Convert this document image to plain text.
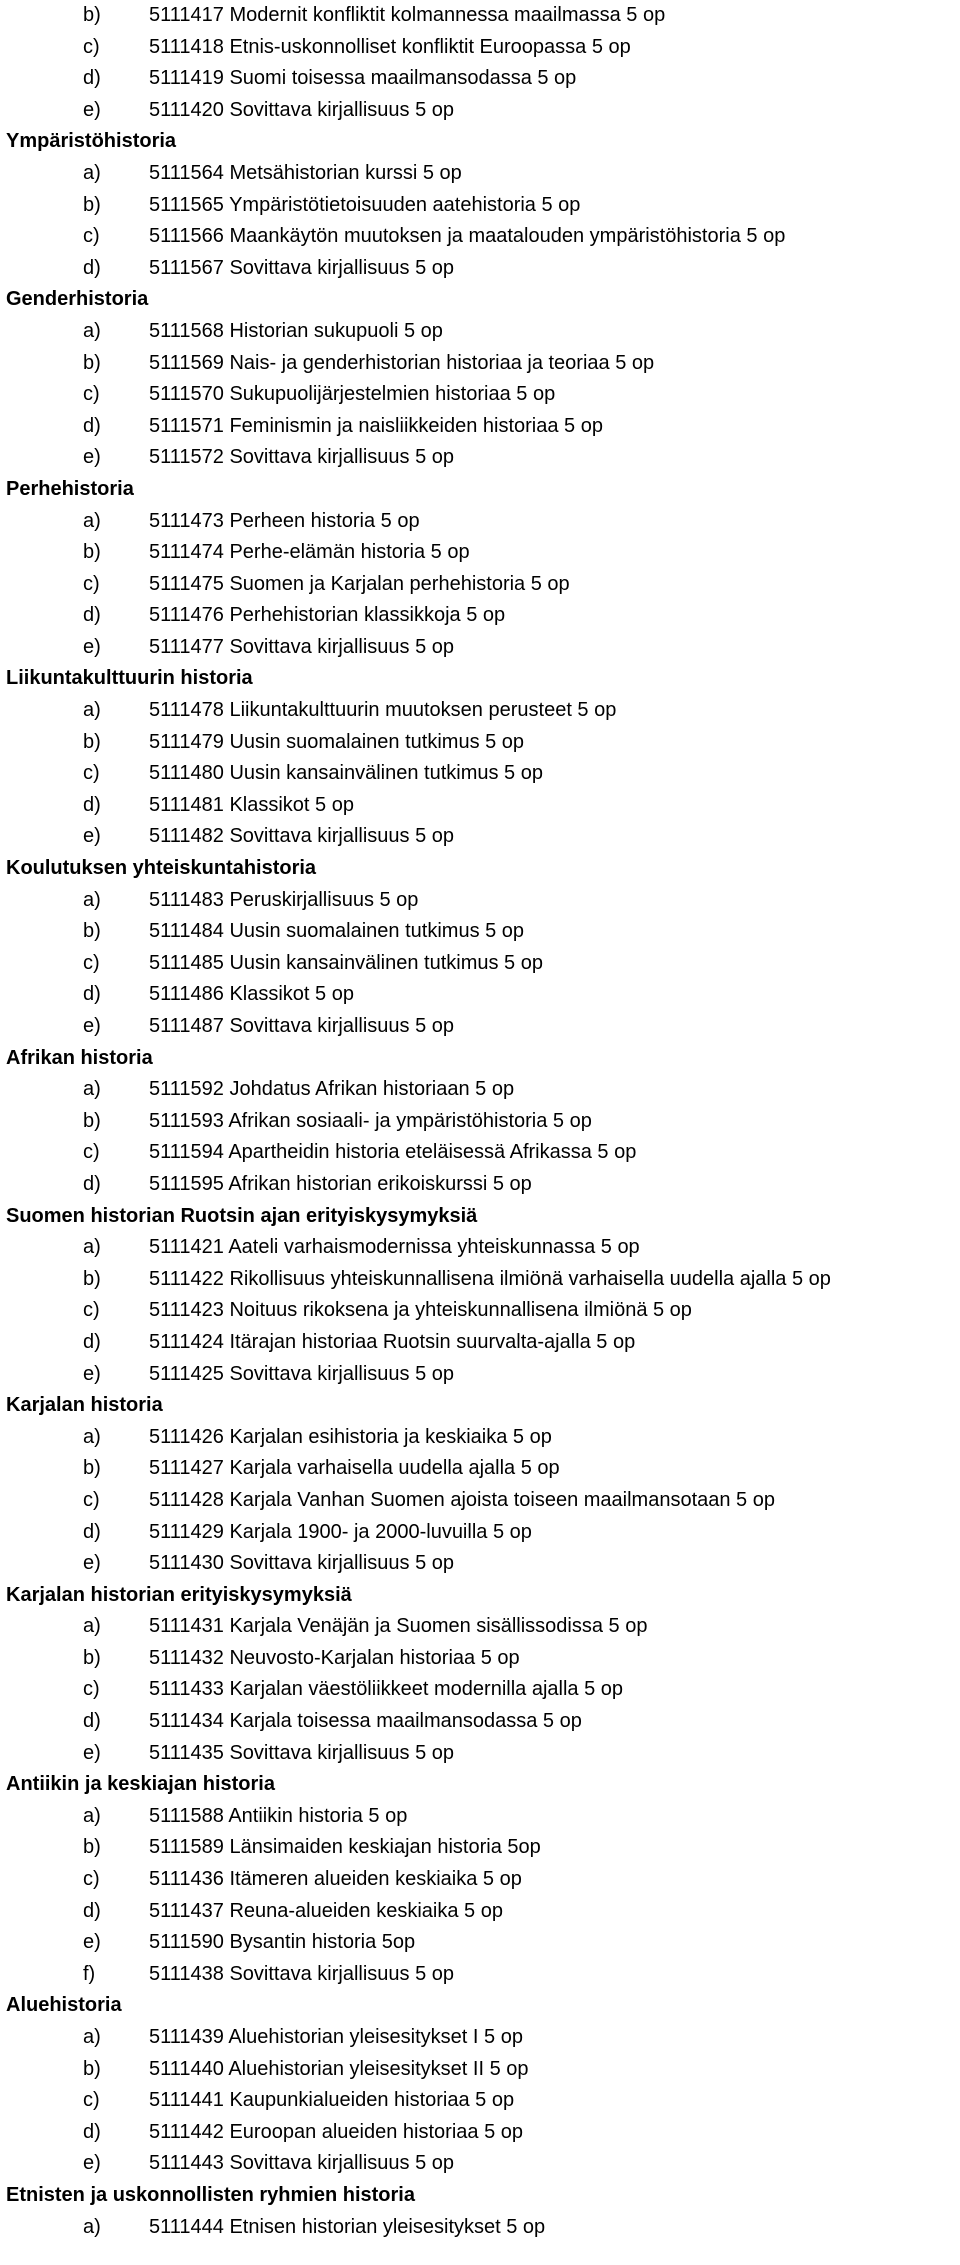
b) 5111417 Modernit konfliktit kolmannessa maailmassa 5 op
c) 5111418 Etnis-uskonnolliset konfliktit Euroopassa 5 op
d) 5111419 Suomi toisessa maailmansodassa 5 op
e) 5111420 Sovittava kirjallisuus 5 op
Ympäristöhistoria
a) 5111564 Metsähistorian kurssi 5 op
b) 5111565 Ympäristötietoisuuden aatehistoria 5 op
c) 5111566 Maankäytön muutoksen ja maatalouden ympäristöhistoria 5 op
d) 5111567 Sovittava kirjallisuus 5 op
Genderhistoria
a) 5111568 Historian sukupuoli 5 op
b) 5111569 Nais- ja genderhistorian historiaa ja teoriaa 5 op
c) 5111570 Sukupuolijärjestelmien historiaa 5 op
d) 5111571 Feminismin ja naisliikkeiden historiaa 5 op
e) 5111572 Sovittava kirjallisuus 5 op
Perhehistoria
a) 5111473 Perheen historia 5 op
b) 5111474 Perhe-elämän historia 5 op
c) 5111475 Suomen ja Karjalan perhehistoria 5 op
d) 5111476 Perhehistorian klassikkoja 5 op
e) 5111477 Sovittava kirjallisuus 5 op
Liikuntakulttuurin historia
a) 5111478 Liikuntakulttuurin muutoksen perusteet 5 op
b) 5111479 Uusin suomalainen tutkimus 5 op
c) 5111480 Uusin kansainvälinen tutkimus 5 op
d) 5111481 Klassikot 5 op
e) 5111482 Sovittava kirjallisuus 5 op
Koulutuksen yhteiskuntahistoria
a) 5111483 Peruskirjallisuus 5 op
b) 5111484 Uusin suomalainen tutkimus 5 op
c) 5111485 Uusin kansainvälinen tutkimus 5 op
d) 5111486 Klassikot 5 op
e) 5111487 Sovittava kirjallisuus 5 op
Afrikan historia
a) 5111592 Johdatus Afrikan historiaan 5 op
b) 5111593 Afrikan sosiaali- ja ympäristöhistoria 5 op
c) 5111594 Apartheidin historia eteläisessä Afrikassa 5 op
d) 5111595 Afrikan historian erikoiskurssi 5 op
Suomen historian Ruotsin ajan erityiskysymyksiä
a) 5111421 Aateli varhaismodernissa yhteiskunnassa 5 op
b) 5111422 Rikollisuus yhteiskunnallisena ilmiönä varhaisella uudella ajalla 5 op
c) 5111423 Noituus rikoksena ja yhteiskunnallisena ilmiönä 5 op
d) 5111424 Itärajan historiaa Ruotsin suurvalta-ajalla 5 op
e) 5111425 Sovittava kirjallisuus 5 op
Karjalan historia
a) 5111426 Karjalan esihistoria ja keskiaika 5 op
b) 5111427 Karjala varhaisella uudella ajalla 5 op
c) 5111428 Karjala Vanhan Suomen ajoista toiseen maailmansotaan 5 op
d) 5111429 Karjala 1900- ja 2000-luvuilla 5 op
e) 5111430 Sovittava kirjallisuus 5 op
Karjalan historian erityiskysymyksiä
a) 5111431 Karjala Venäjän ja Suomen sisällissodissa 5 op
b) 5111432 Neuvosto-Karjalan historiaa 5 op
c) 5111433 Karjalan väestöliikkeet modernilla ajalla 5 op
d) 5111434 Karjala toisessa maailmansodassa 5 op
e) 5111435 Sovittava kirjallisuus 5 op
Antiikin ja keskiajan historia
a) 5111588 Antiikin historia 5 op
b) 5111589 Länsimaiden keskiajan historia 5op
c) 5111436 Itämeren alueiden keskiaika 5 op
d) 5111437 Reuna-alueiden keskiaika 5 op
e) 5111590 Bysantin historia 5op
f)	5111438 Sovittava kirjallisuus 5 op
Aluehistoria
a) 5111439 Aluehistorian yleisesitykset I 5 op
b) 5111440 Aluehistorian yleisesitykset II 5 op
c) 5111441 Kaupunkialueiden historiaa 5 op
d) 5111442 Euroopan alueiden historiaa 5 op
e) 5111443 Sovittava kirjallisuus 5 op
Etnisten ja uskonnollisten ryhmien historia
a) 5111444 Etnisen historian yleisesitykset 5 op
